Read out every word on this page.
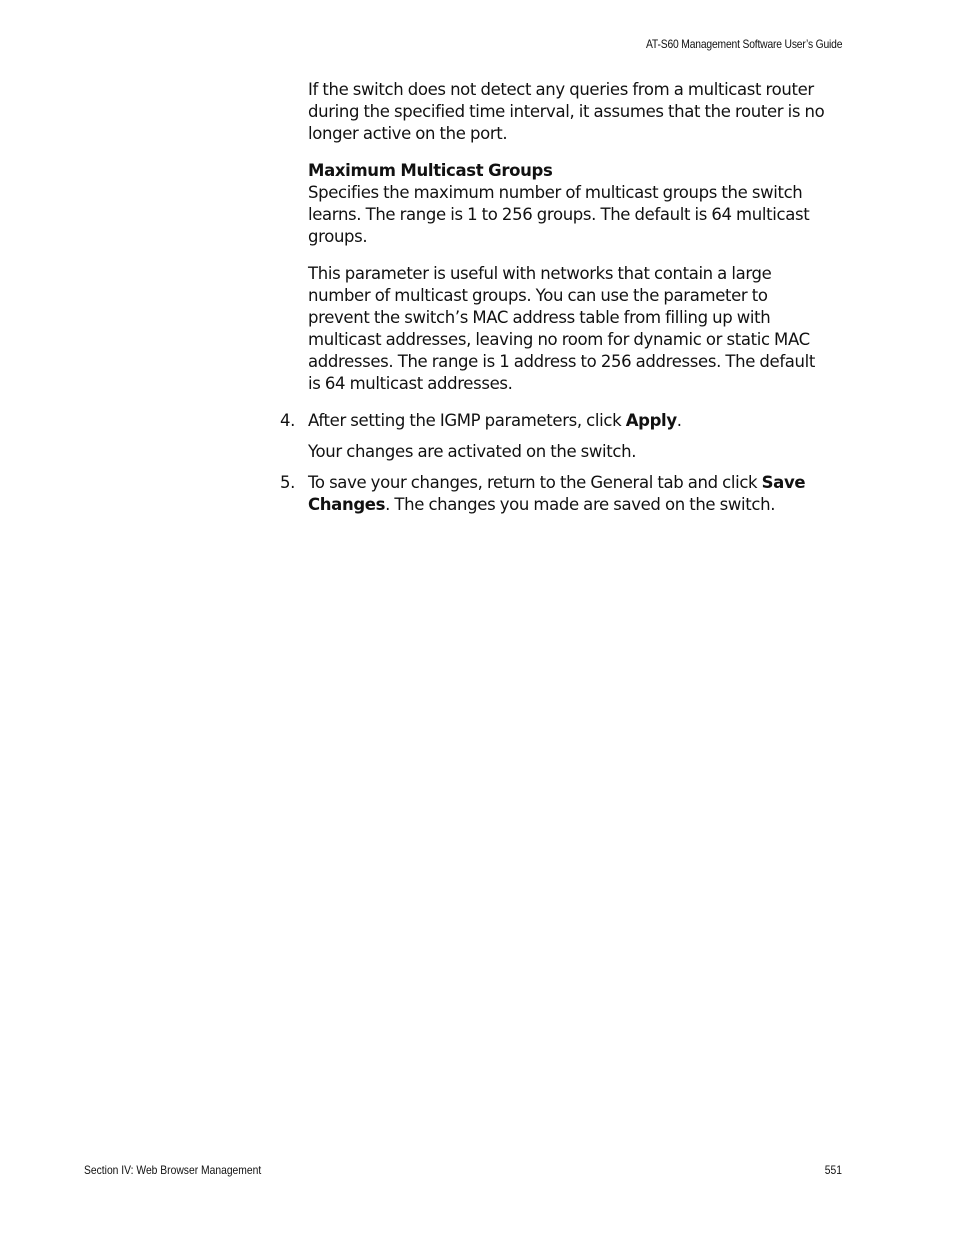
AT-S60 Management Software User’s Guide
If the switch does not detect any queries from a multicast router during the specified time interval, it assumes that the router is no longer active on the port.
Maximum Multicast Groups
Specifies the maximum number of multicast groups the switch learns. The range is 1 to 256 groups. The default is 64 multicast groups.
This parameter is useful with networks that contain a large number of multicast groups. You can use the parameter to prevent the switch’s MAC address table from filling up with multicast addresses, leaving no room for dynamic or static MAC addresses. The range is 1 address to 256 addresses. The default is 64 multicast addresses.
4. After setting the IGMP parameters, click Apply.
Your changes are activated on the switch.
5. To save your changes, return to the General tab and click Save Changes. The changes you made are saved on the switch.
Section IV: Web Browser Management	551
